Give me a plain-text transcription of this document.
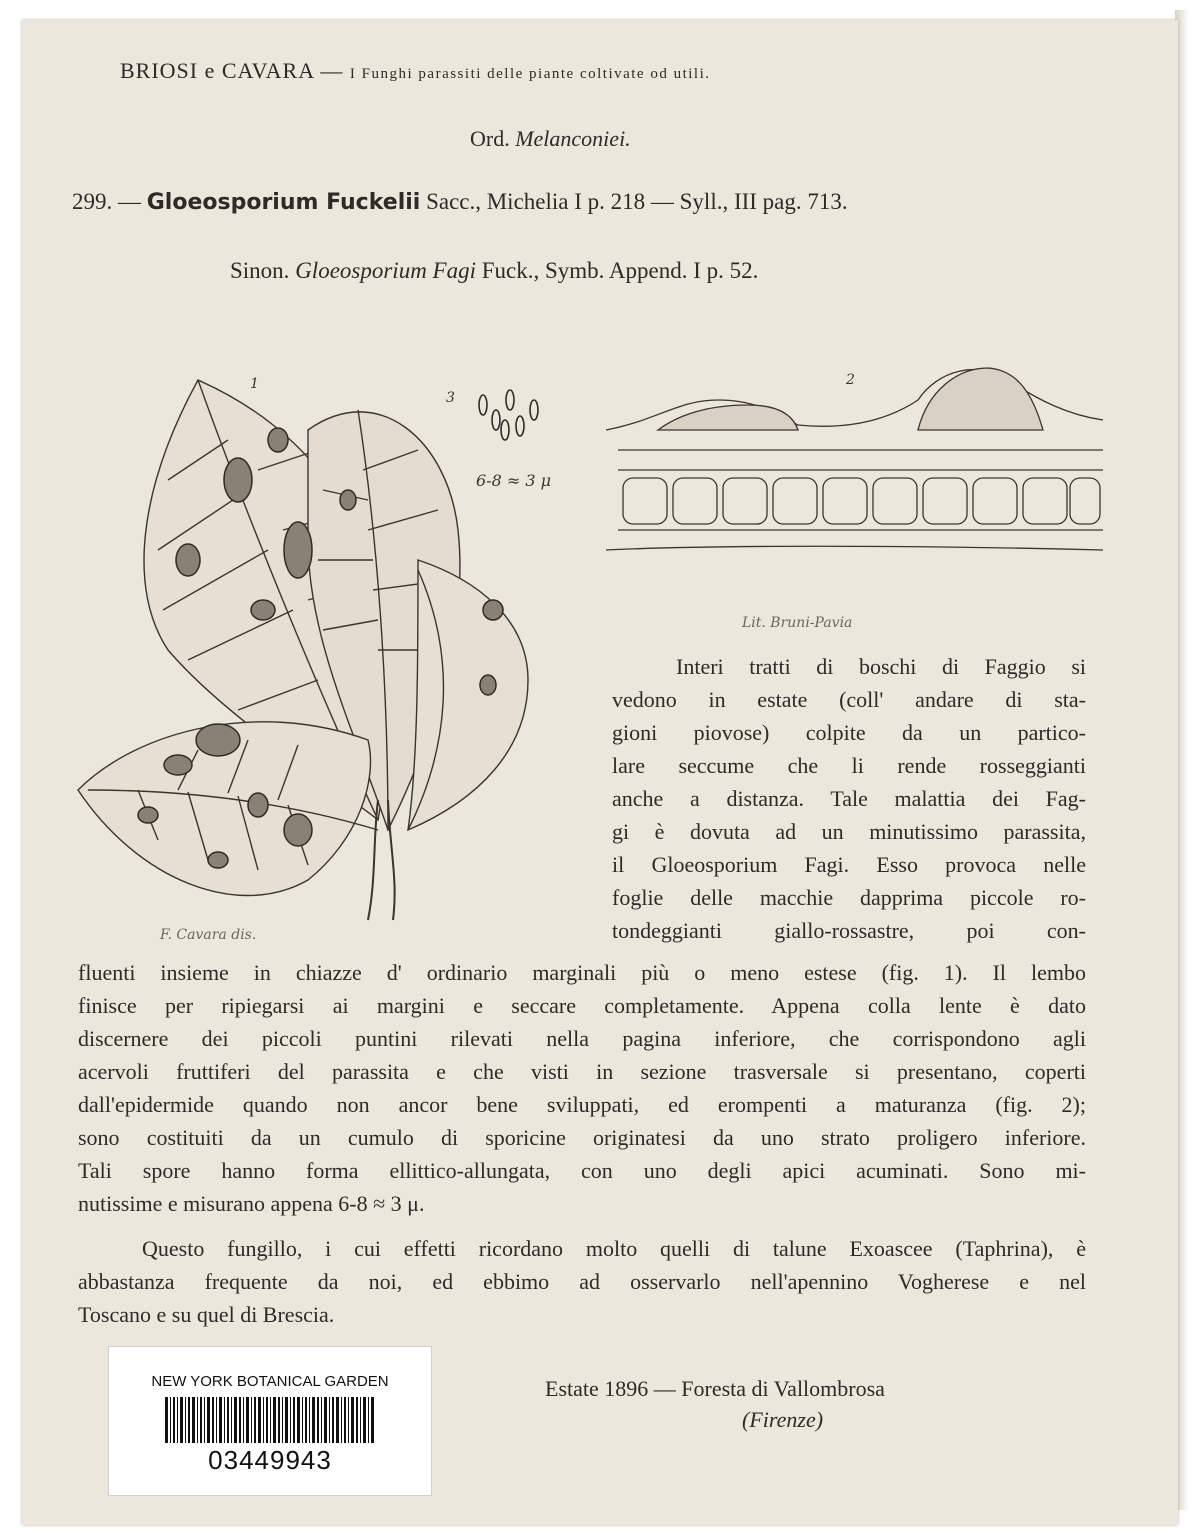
BRIOSI e CAVARA — I Funghi parassiti delle piante coltivate od utili.
Ord. Melanconiei.
299. — Gloeosporium Fuckelii Sacc., Michelia I p. 218 — Syll., III pag. 713.
Sinon. Gloeosporium Fagi Fuck., Symb. Append. I p. 52.
1	2
3
6-8 ≈ 3 μ
Lit. Bruni-Pavia
F. Cavara dis.
Interi tratti di boschi di Faggio si
vedono in estate (coll' andare di sta-
gioni piovose) colpite da un partico-
lare seccume che li rende rosseggianti
anche a distanza. Tale malattia dei Fag-
gi è dovuta ad un minutissimo parassita,
il Gloeosporium Fagi. Esso provoca nelle
foglie delle macchie dapprima piccole ro-
tondeggianti giallo-rossastre, poi con-
fluenti insieme in chiazze d' ordinario marginali più o meno estese (fig. 1). Il lembo
finisce per ripiegarsi ai margini e seccare completamente. Appena colla lente è dato
discernere dei piccoli puntini rilevati nella pagina inferiore, che corrispondono agli
acervoli fruttiferi del parassita e che visti in sezione trasversale si presentano, coperti
dall'epidermide quando non ancor bene sviluppati, ed erompenti a maturanza (fig. 2);
sono costituiti da un cumulo di sporicine originatesi da uno strato proligero inferiore.
Tali spore hanno forma ellittico-allungata, con uno degli apici acuminati. Sono mi-
nutissime e misurano appena 6-8 ≈ 3 μ.
Questo fungillo, i cui effetti ricordano molto quelli di talune Exoascee (Taphrina), è
abbastanza frequente da noi, ed ebbimo ad osservarlo nell'apennino Vogherese e nel
Toscano e su quel di Brescia.
Estate 1896 — Foresta di Vallombrosa
(Firenze)
NEW YORK BOTANICAL GARDEN
03449943
